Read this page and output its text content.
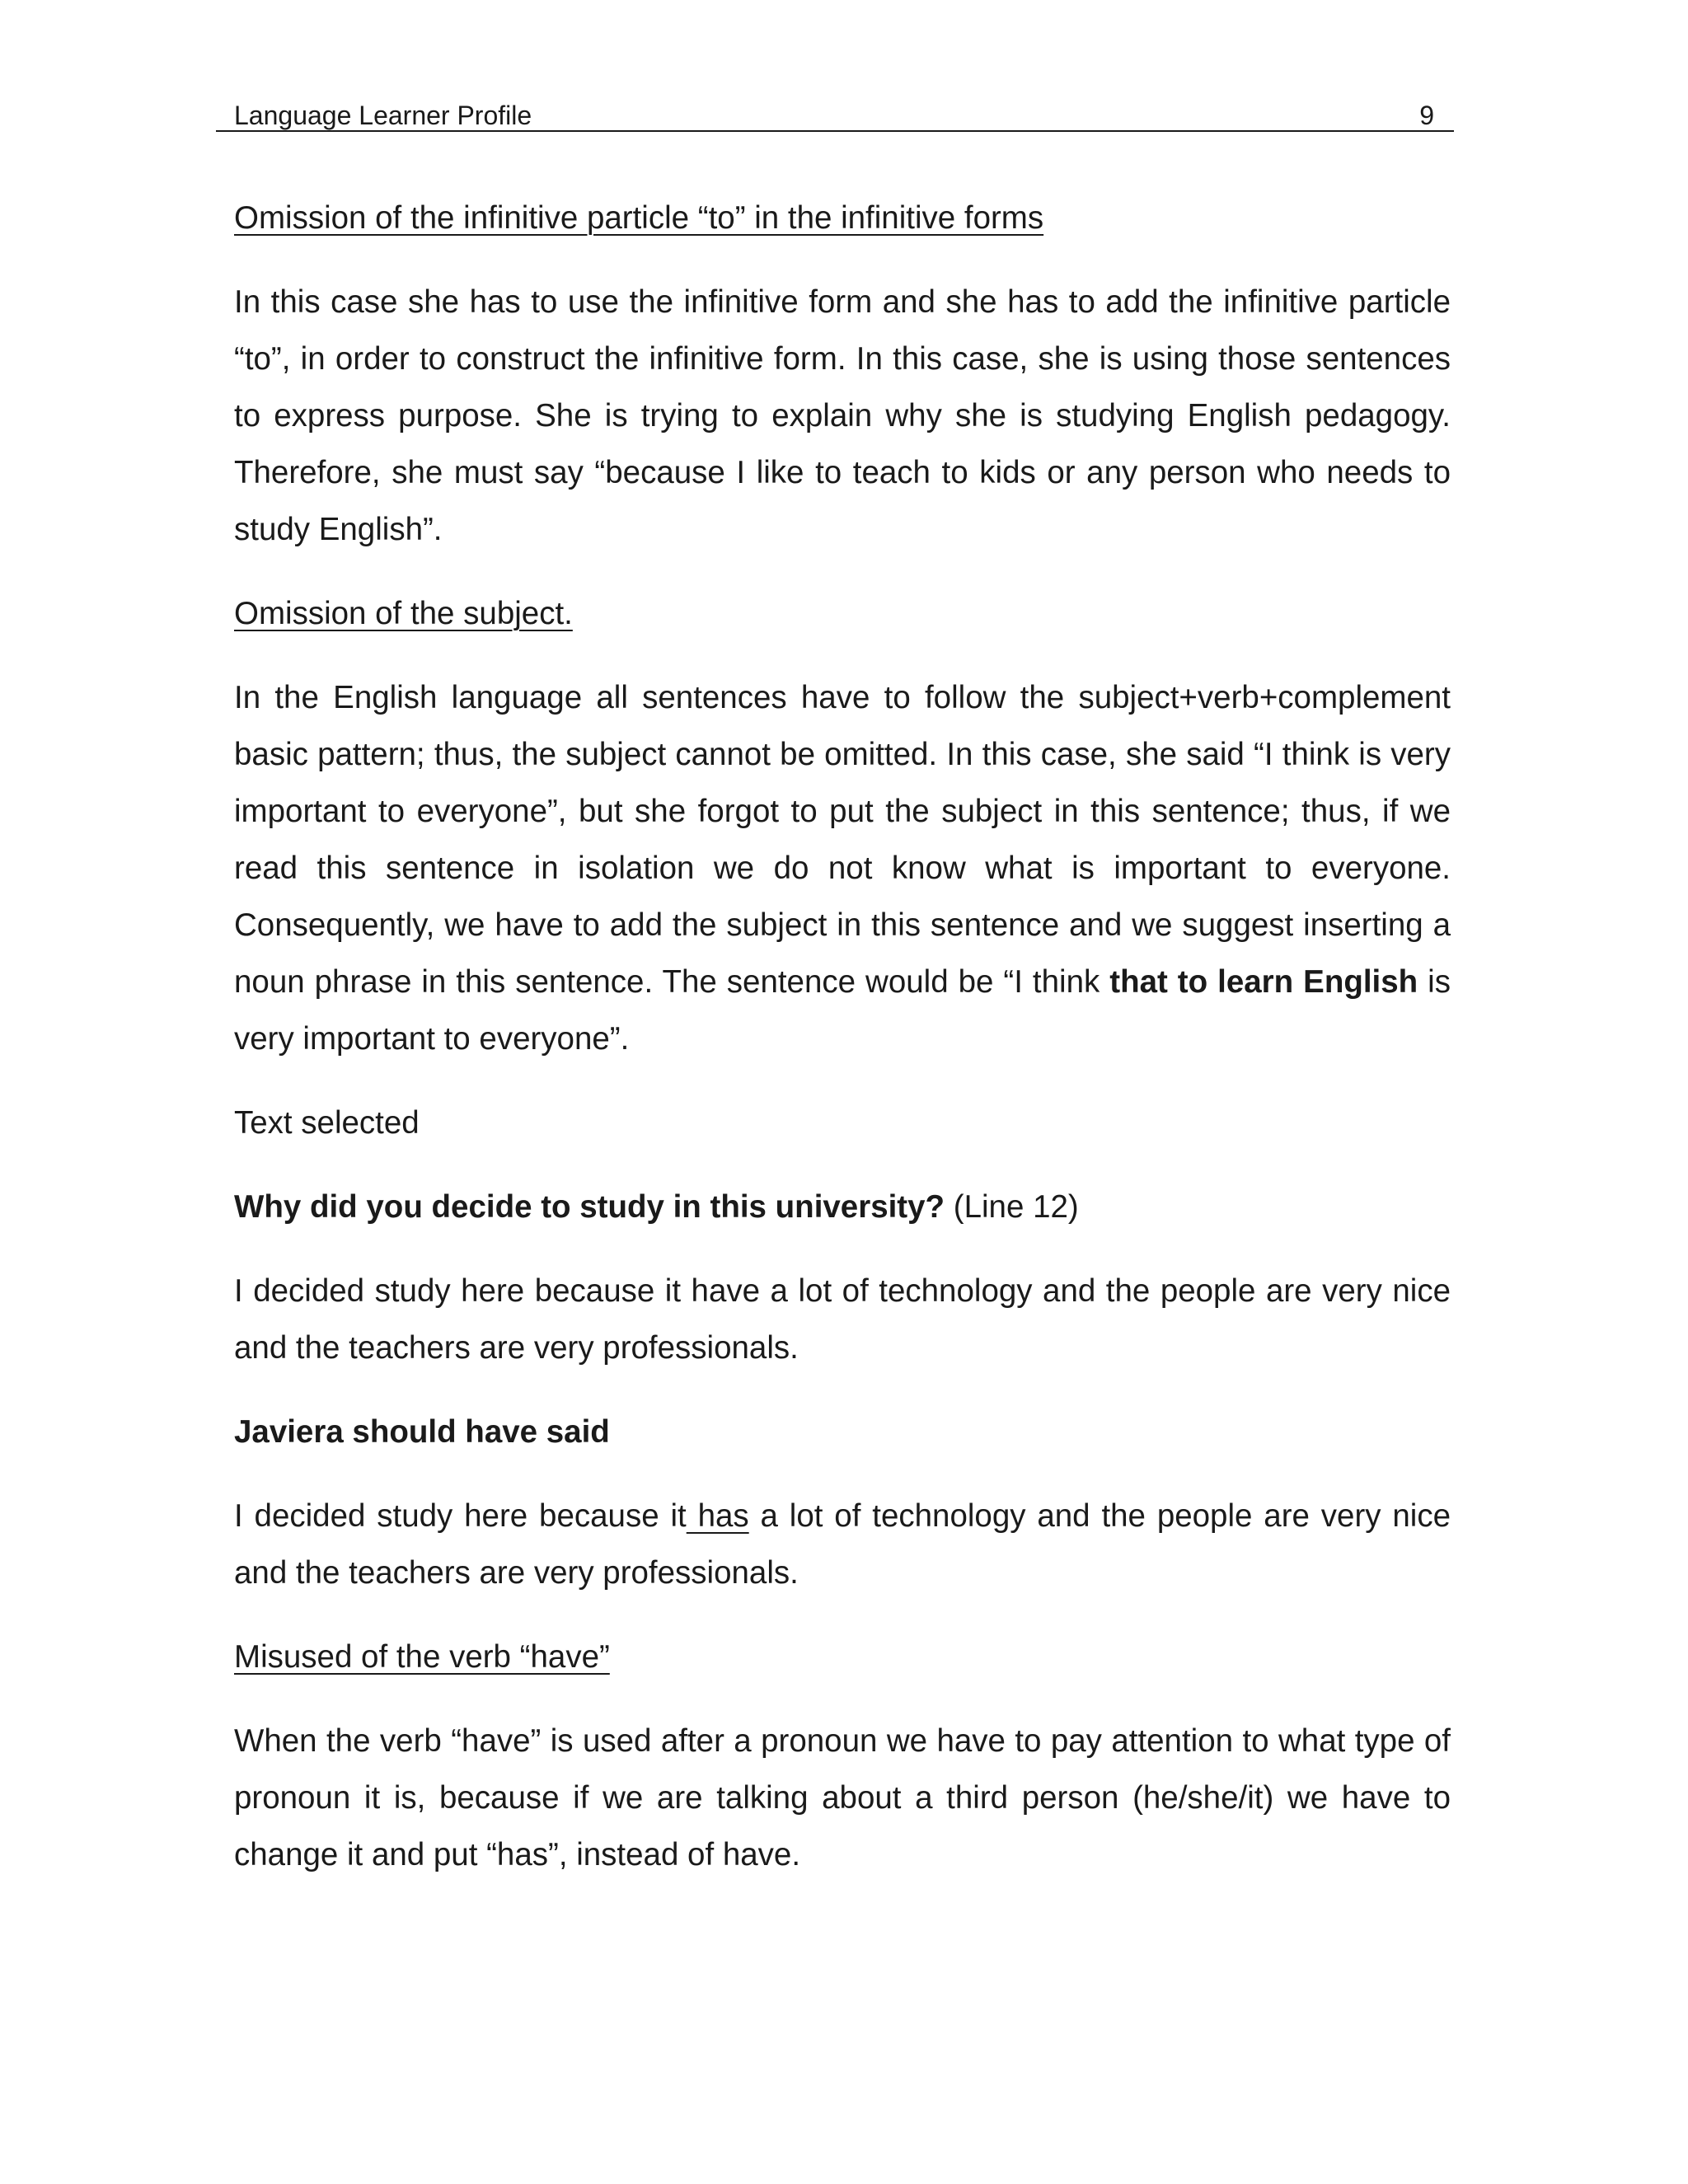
Language Learner Profile	9

Omission of the infinitive particle “to” in the infinitive forms

In this case she has to use the infinitive form and she has to add the infinitive particle “to”, in order to construct the infinitive form. In this case, she is using those sentences to express purpose. She is trying to explain why she is studying English pedagogy. Therefore, she must say “because I like to teach to kids or any person who needs to study English”.

Omission of the subject.

In the English language all sentences have to follow the subject+verb+complement basic pattern; thus, the subject cannot be omitted. In this case, she said “I think is very important to everyone”, but she forgot to put the subject in this sentence; thus, if we read this sentence in isolation we do not know what is important to everyone. Consequently, we have to add the subject in this sentence and we suggest inserting a noun phrase in this sentence. The sentence would be “I think that to learn English is very important to everyone”.

Text selected

Why did you decide to study in this university? (Line 12)

I decided study here because it have a lot of technology and the people are very nice and the teachers are very professionals.

Javiera should have said

I decided study here because it has a lot of technology and the people are very nice and the teachers are very professionals.

Misused of the verb “have”

When the verb “have” is used after a pronoun we have to pay attention to what type of pronoun it is, because if we are talking about a third person (he/she/it) we have to change it and put “has”, instead of have.
